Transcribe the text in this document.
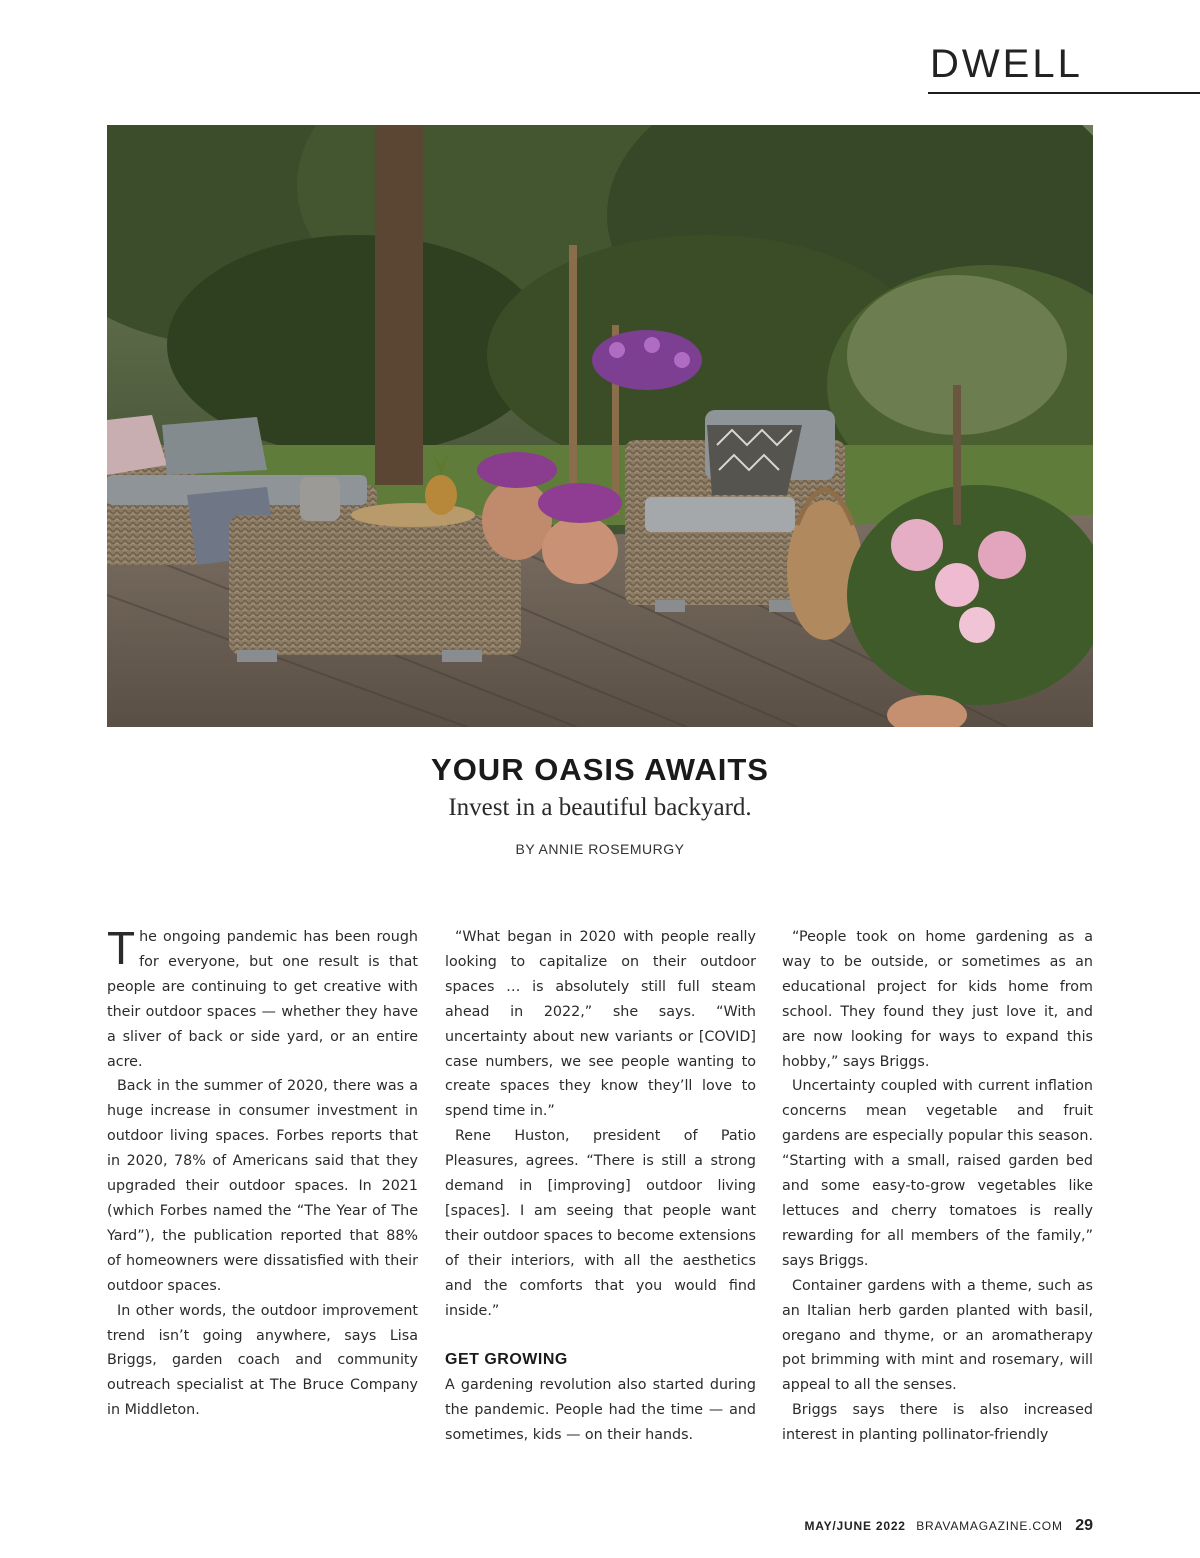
DWELL
YOUR OASIS AWAITS
Invest in a beautiful backyard.
BY ANNIE ROSEMURGY

The ongoing pandemic has been rough for everyone, but one result is that people are continuing to get creative with their outdoor spaces — whether they have a sliver of back or side yard, or an entire acre.

Back in the summer of 2020, there was a huge increase in consumer investment in outdoor living spaces. Forbes reports that in 2020, 78% of Americans said that they upgraded their outdoor spaces. In 2021 (which Forbes named the “The Year of The Yard”), the publication reported that 88% of homeowners were dissatisfied with their outdoor spaces.

In other words, the outdoor improvement trend isn’t going anywhere, says Lisa Briggs, garden coach and community outreach specialist at The Bruce Company in Middleton.

“What began in 2020 with people really looking to capitalize on their outdoor spaces … is absolutely still full steam ahead in 2022,” she says. “With uncertainty about new variants or [COVID] case numbers, we see people wanting to create spaces they know they’ll love to spend time in.”

Rene Huston, president of Patio Pleasures, agrees. “There is still a strong demand in [improving] outdoor living [spaces]. I am seeing that people want their outdoor spaces to become extensions of their interiors, with all the aesthetics and the comforts that you would find inside.”

GET GROWING

A gardening revolution also started during the pandemic. People had the time — and sometimes, kids — on their hands.

“People took on home gardening as a way to be outside, or sometimes as an educational project for kids home from school. They found they just love it, and are now looking for ways to expand this hobby,” says Briggs.

Uncertainty coupled with current inflation concerns mean vegetable and fruit gardens are especially popular this season. “Starting with a small, raised garden bed and some easy-to-grow vegetables like lettuces and cherry tomatoes is really rewarding for all members of the family,” says Briggs.

Container gardens with a theme, such as an Italian herb garden planted with basil, oregano and thyme, or an aromatherapy pot brimming with mint and rosemary, will appeal to all the senses.

Briggs says there is also increased interest in planting pollinator-friendly

MAY/JUNE 2022 BRAVAMAGAZINE.COM 29
